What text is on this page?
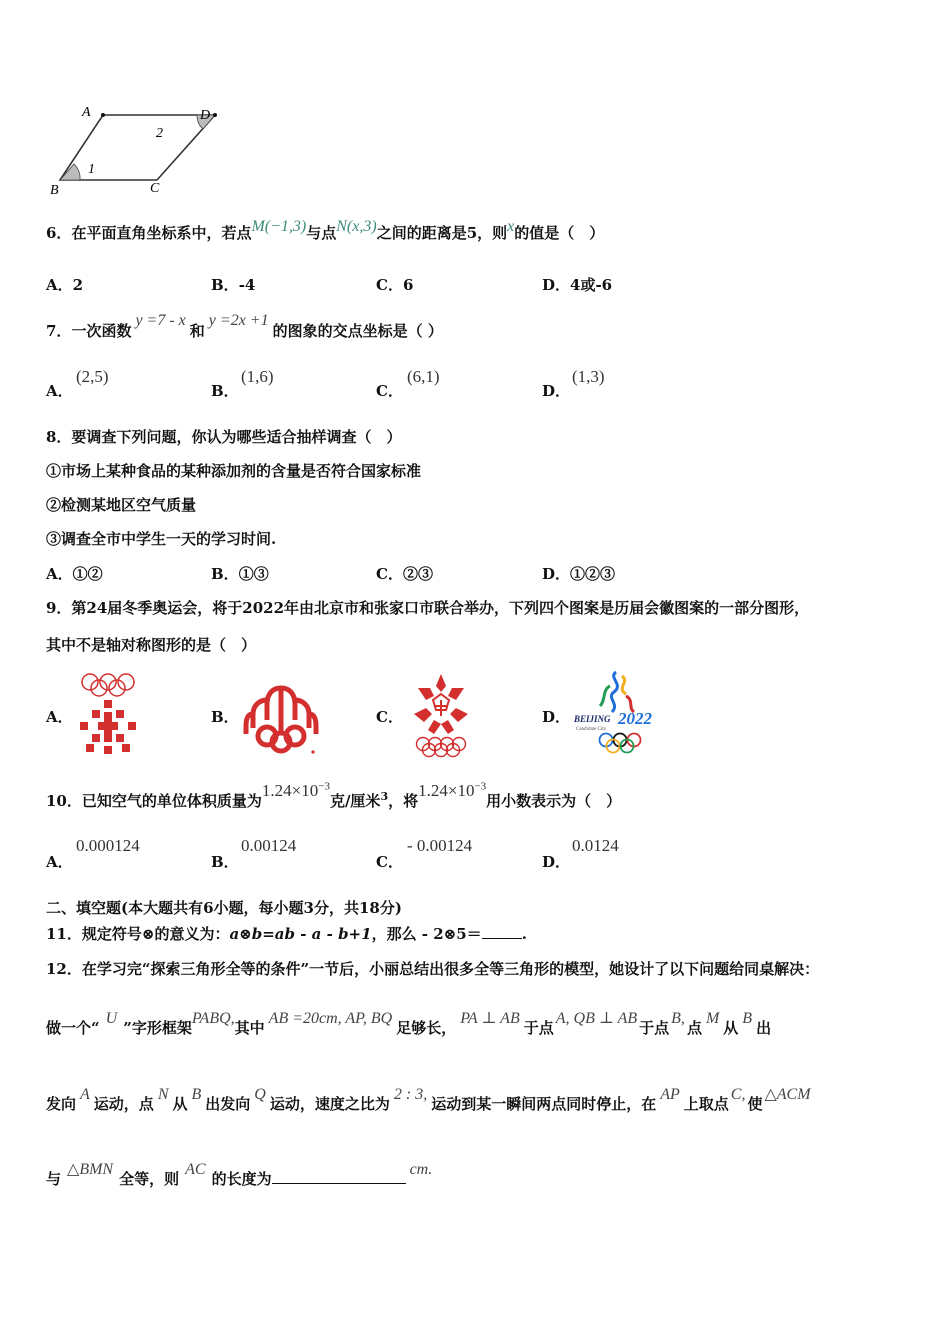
A	D
B	C
1
2
6．在平面直角坐标系中，若点M(−1,3)与点N(x,3)之间的距离是5，则x的值是（　）
A．2	B．-4	C．6	D．4或-6
7．一次函数y =7 - x和y =2x +1的图象的交点坐标是（ ）
A．
(2,5)
B．
(1,6)
C．
(6,1)
D．
(1,3)
8．要调查下列问题，你认为哪些适合抽样调查（　）
①市场上某种食品的某种添加剂的含量是否符合国家标准
②检测某地区空气质量
③调查全市中学生一天的学习时间.
A．①②	B．①③	C．②③	D．①②③
9．第24届冬季奥运会，将于2022年由北京市和张家口市联合举办，下列四个图案是历届会徽图案的一部分图形，
其中不是轴对称图形的是（　）
A．	B．	C．	D． BEIJING 2022
Candidate City
10．已知空气的单位体积质量为$1.24\times 10^{-3}$克/厘米$^3$，将$1.24\times 10^{-3}$用小数表示为（　）
A．
0.000124
B．
0.00124
C．
- 0.00124
D．
0.0124
二、填空题(本大题共有6小题，每小题3分，共18分)
11．规定符号⊗的意义为：a⊗b=ab - a - b+1，那么 - 2⊗5＝	.
12．在学习完“探索三角形全等的条件”一节后，小丽总结出很多全等三角形的模型，她设计了以下问题给同桌解决：
做一个“U”字形框架PABQ,其中AB =20cm, AP, BQ足够长，PA ⊥ AB于点A, QB ⊥ AB于点B,点M从B出
发向A运动，点N从B出发向Q运动，速度之比为2 : 3,运动到某一瞬间两点同时停止，在AP上取点C,使△ACM
与△BMN全等，则AC的长度为cm.
